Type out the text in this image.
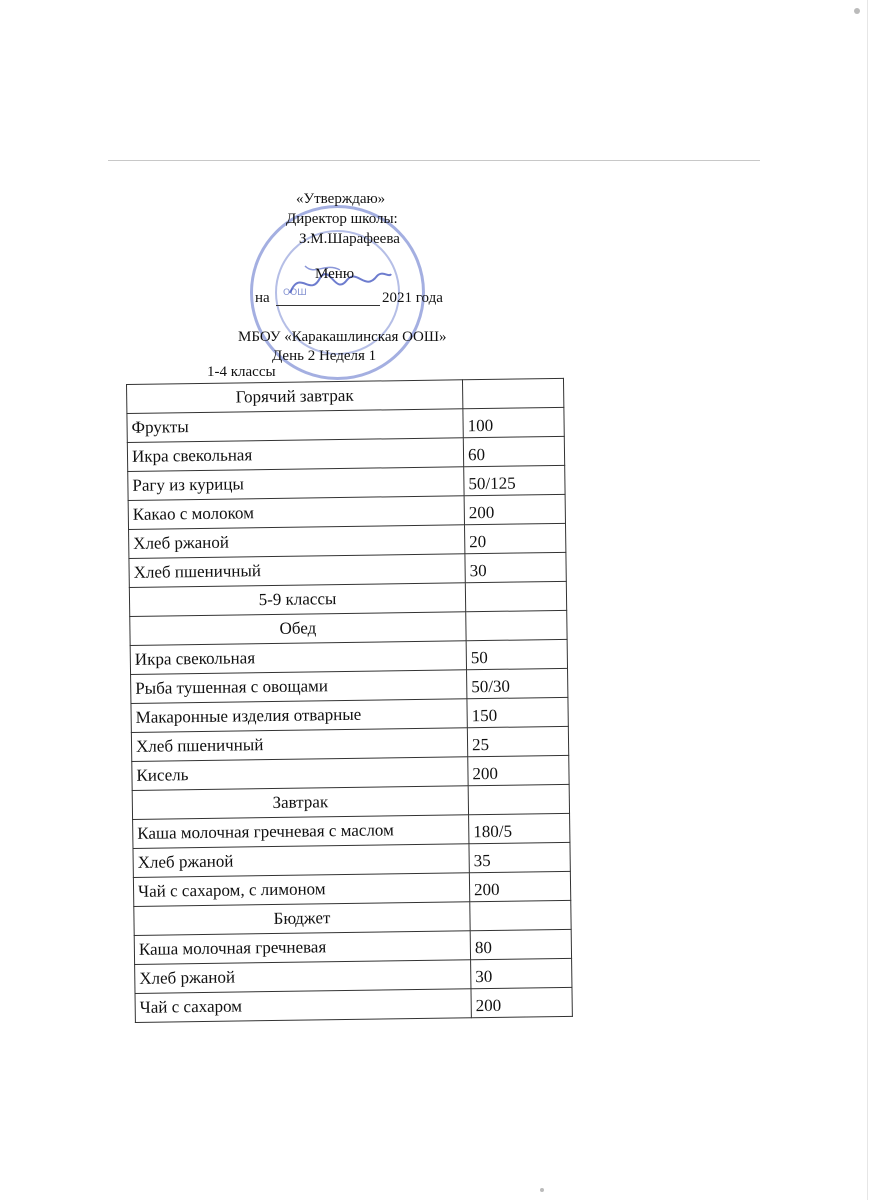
ООШ
«Утверждаю»
Директор школы:
З.М.Шарафеева
Меню
на	2021 года
МБОУ «Каракашлинская ООШ»
День 2 Неделя 1
1-4 классы
Горячий завтрак	
Фрукты	100
Икра свекольная	60
Рагу из курицы	50/125
Какао с молоком	200
Хлеб ржаной	20
Хлеб пшеничный	30
5-9 классы	
Обед	
Икра свекольная	50
Рыба тушенная с овощами	50/30
Макаронные изделия отварные	150
Хлеб пшеничный	25
Кисель	200
Завтрак	
Каша молочная гречневая с маслом	180/5
Хлеб ржаной	35
Чай с сахаром, с лимоном	200
Бюджет	
Каша молочная гречневая	80
Хлеб ржаной	30
Чай с сахаром	200
